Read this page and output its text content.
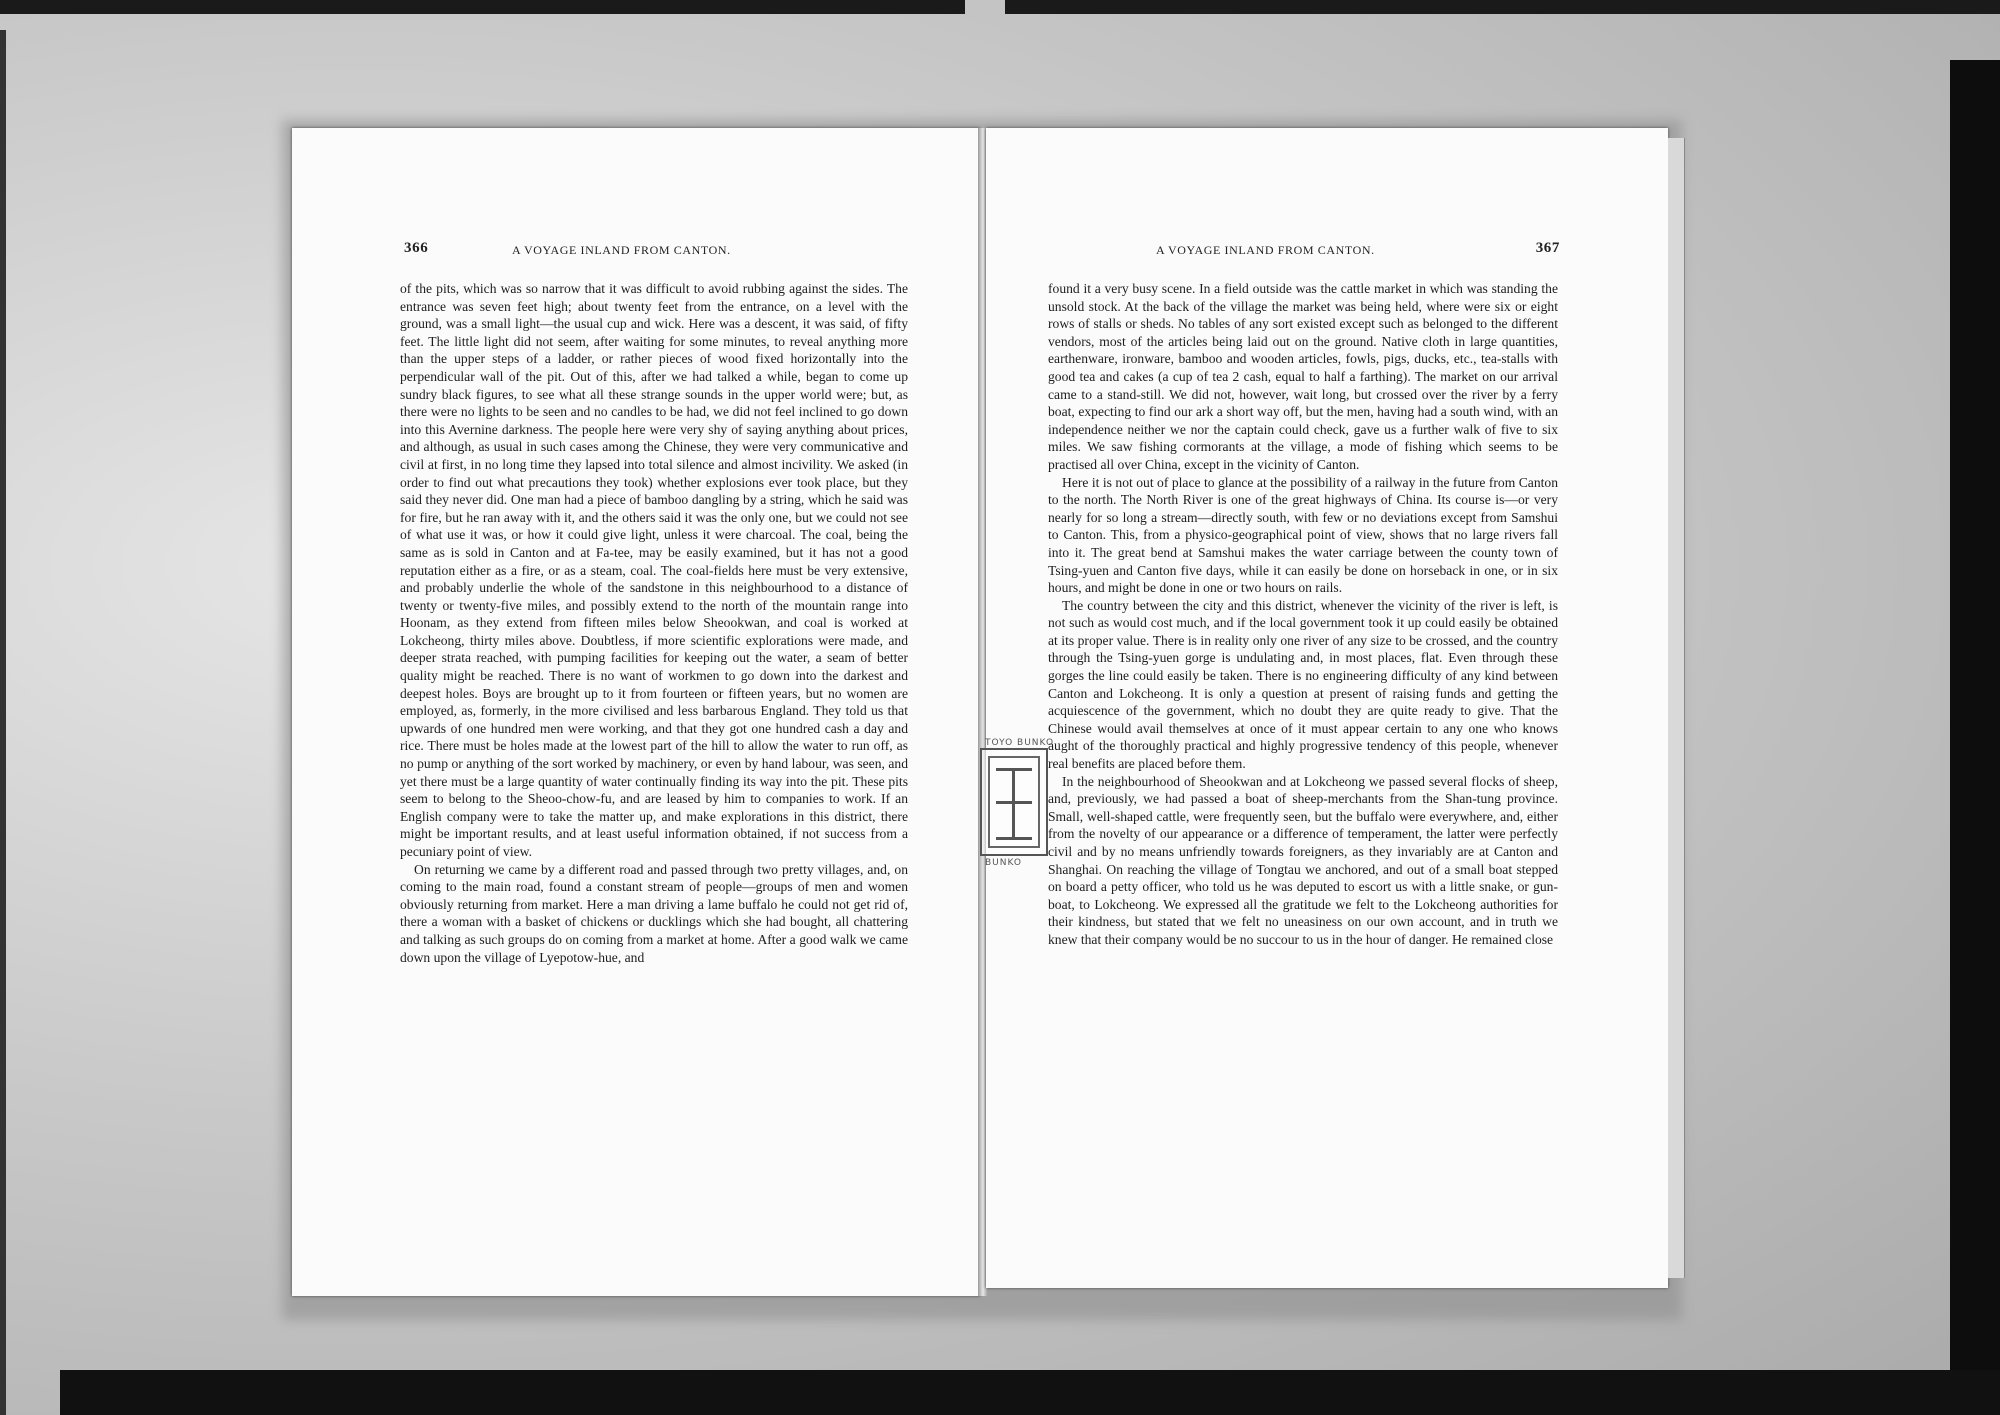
366	A VOYAGE INLAND FROM CANTON.

of the pits, which was so narrow that it was difficult to avoid rubbing against the sides. The entrance was seven feet high; about twenty feet from the entrance, on a level with the ground, was a small light—the usual cup and wick. Here was a descent, it was said, of fifty feet. The little light did not seem, after waiting for some minutes, to reveal anything more than the upper steps of a ladder, or rather pieces of wood fixed horizontally into the perpendicular wall of the pit. Out of this, after we had talked a while, began to come up sundry black figures, to see what all these strange sounds in the upper world were; but, as there were no lights to be seen and no candles to be had, we did not feel inclined to go down into this Avernine darkness. The people here were very shy of saying anything about prices, and although, as usual in such cases among the Chinese, they were very communicative and civil at first, in no long time they lapsed into total silence and almost incivility. We asked (in order to find out what precautions they took) whether explosions ever took place, but they said they never did. One man had a piece of bamboo dangling by a string, which he said was for fire, but he ran away with it, and the others said it was the only one, but we could not see of what use it was, or how it could give light, unless it were charcoal. The coal, being the same as is sold in Canton and at Fa-tee, may be easily examined, but it has not a good reputation either as a fire, or as a steam, coal. The coal-fields here must be very extensive, and probably underlie the whole of the sandstone in this neighbourhood to a distance of twenty or twenty-five miles, and possibly extend to the north of the mountain range into Hoonam, as they extend from fifteen miles below Sheookwan, and coal is worked at Lokcheong, thirty miles above. Doubtless, if more scientific explorations were made, and deeper strata reached, with pumping facilities for keeping out the water, a seam of better quality might be reached. There is no want of workmen to go down into the darkest and deepest holes. Boys are brought up to it from fourteen or fifteen years, but no women are employed, as, formerly, in the more civilised and less barbarous England. They told us that upwards of one hundred men were working, and that they got one hundred cash a day and rice. There must be holes made at the lowest part of the hill to allow the water to run off, as no pump or anything of the sort worked by machinery, or even by hand labour, was seen, and yet there must be a large quantity of water continually finding its way into the pit. These pits seem to belong to the Sheoo-chow-fu, and are leased by him to companies to work. If an English company were to take the matter up, and make explorations in this district, there might be important results, and at least useful information obtained, if not success from a pecuniary point of view.

On returning we came by a different road and passed through two pretty villages, and, on coming to the main road, found a constant stream of people—groups of men and women obviously returning from market. Here a man driving a lame buffalo he could not get rid of, there a woman with a basket of chickens or ducklings which she had bought, all chattering and talking as such groups do on coming from a market at home. After a good walk we came down upon the village of Lyepotow-hue, and

A VOYAGE INLAND FROM CANTON.	367

found it a very busy scene. In a field outside was the cattle market in which was standing the unsold stock. At the back of the village the market was being held, where were six or eight rows of stalls or sheds. No tables of any sort existed except such as belonged to the different vendors, most of the articles being laid out on the ground. Native cloth in large quantities, earthenware, ironware, bamboo and wooden articles, fowls, pigs, ducks, etc., tea-stalls with good tea and cakes (a cup of tea 2 cash, equal to half a farthing). The market on our arrival came to a stand-still. We did not, however, wait long, but crossed over the river by a ferry boat, expecting to find our ark a short way off, but the men, having had a south wind, with an independence neither we nor the captain could check, gave us a further walk of five to six miles. We saw fishing cormorants at the village, a mode of fishing which seems to be practised all over China, except in the vicinity of Canton.

Here it is not out of place to glance at the possibility of a railway in the future from Canton to the north. The North River is one of the great highways of China. Its course is—or very nearly for so long a stream—directly south, with few or no deviations except from Samshui to Canton. This, from a physico-geographical point of view, shows that no large rivers fall into it. The great bend at Samshui makes the water carriage between the county town of Tsing-yuen and Canton five days, while it can easily be done on horseback in one, or in six hours, and might be done in one or two hours on rails.

The country between the city and this district, whenever the vicinity of the river is left, is not such as would cost much, and if the local government took it up could easily be obtained at its proper value. There is in reality only one river of any size to be crossed, and the country through the Tsing-yuen gorge is undulating and, in most places, flat. Even through these gorges the line could easily be taken. There is no engineering difficulty of any kind between Canton and Lokcheong. It is only a question at present of raising funds and getting the acquiescence of the government, which no doubt they are quite ready to give. That the Chinese would avail themselves at once of it must appear certain to any one who knows aught of the thoroughly practical and highly progressive tendency of this people, whenever real benefits are placed before them.

In the neighbourhood of Sheookwan and at Lokcheong we passed several flocks of sheep, and, previously, we had passed a boat of sheep-merchants from the Shan-tung province. Small, well-shaped cattle, were frequently seen, but the buffalo were everywhere, and, either from the novelty of our appearance or a difference of temperament, the latter were perfectly civil and by no means unfriendly towards foreigners, as they invariably are at Canton and Shanghai. On reaching the village of Tongtau we anchored, and out of a small boat stepped on board a petty officer, who told us he was deputed to escort us with a little snake, or gun-boat, to Lokcheong. We expressed all the gratitude we felt to the Lokcheong authorities for their kindness, but stated that we felt no uneasiness on our own account, and in truth we knew that their company would be no succour to us in the hour of danger. He remained close

TOYO BUNKO
BUNKO
